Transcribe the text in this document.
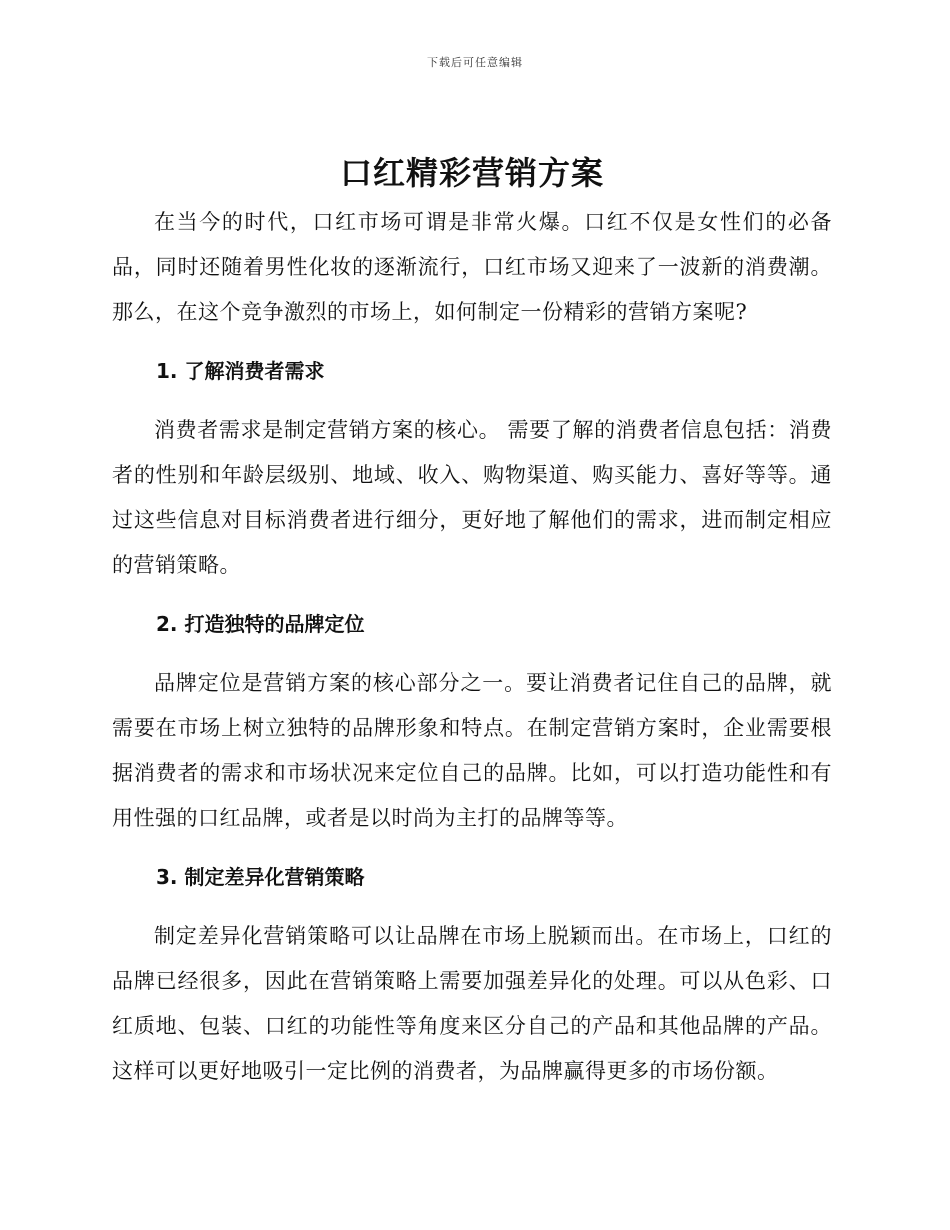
下载后可任意编辑
口红精彩营销方案

在当今的时代，口红市场可谓是非常火爆。口红不仅是女性们的必备品，同时还随着男性化妆的逐渐流行，口红市场又迎来了一波新的消费潮。那么，在这个竞争激烈的市场上，如何制定一份精彩的营销方案呢?

1. 了解消费者需求

消费者需求是制定营销方案的核心。 需要了解的消费者信息包括：消费者的性别和年龄层级别、地域、收入、购物渠道、购买能力、喜好等等。通过这些信息对目标消费者进行细分，更好地了解他们的需求，进而制定相应的营销策略。

2. 打造独特的品牌定位

品牌定位是营销方案的核心部分之一。要让消费者记住自己的品牌，就需要在市场上树立独特的品牌形象和特点。在制定营销方案时，企业需要根据消费者的需求和市场状况来定位自己的品牌。比如，可以打造功能性和有用性强的口红品牌，或者是以时尚为主打的品牌等等。

3. 制定差异化营销策略

制定差异化营销策略可以让品牌在市场上脱颖而出。在市场上，口红的品牌已经很多，因此在营销策略上需要加强差异化的处理。可以从色彩、口红质地、包装、口红的功能性等角度来区分自己的产品和其他品牌的产品。这样可以更好地吸引一定比例的消费者，为品牌赢得更多的市场份额。
